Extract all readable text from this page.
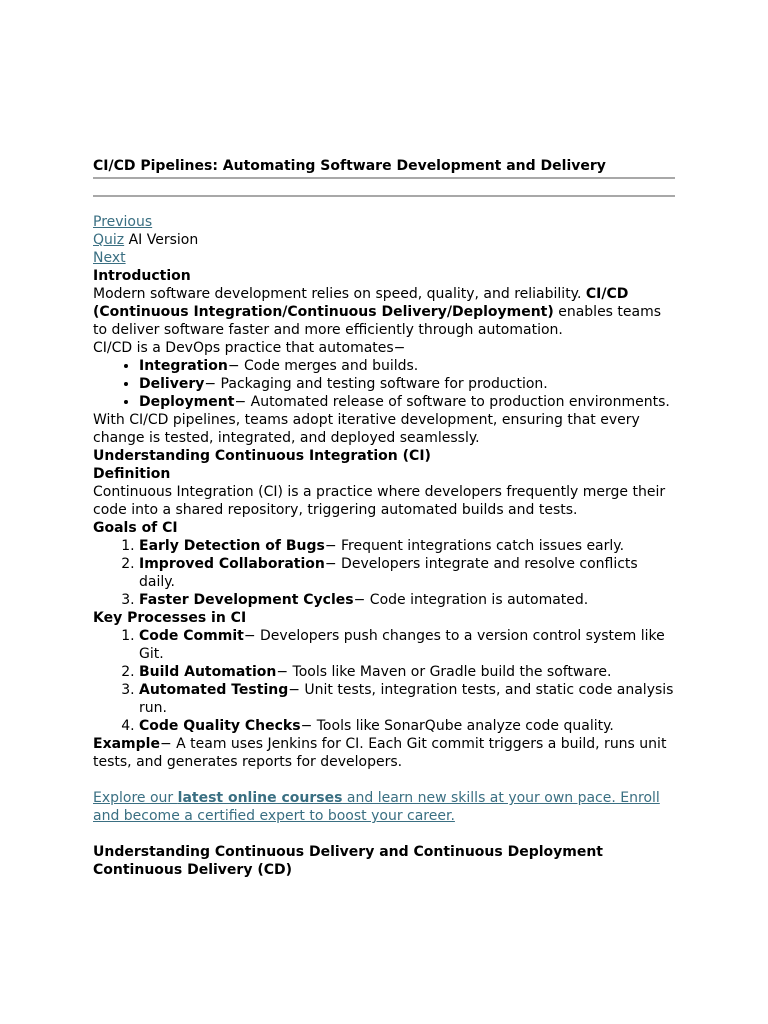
CI/CD Pipelines: Automating Software Development and Delivery
Previous
Quiz AI Version
Next
Introduction

Modern software development relies on speed, quality, and reliability. CI/CD (Continuous Integration/Continuous Delivery/Deployment) enables teams to deliver software faster and more efficiently through automation.

CI/CD is a DevOps practice that automates−

• Integration− Code merges and builds.
• Delivery− Packaging and testing software for production.
• Deployment− Automated release of software to production environments.

With CI/CD pipelines, teams adopt iterative development, ensuring that every change is tested, integrated, and deployed seamlessly.

Understanding Continuous Integration (CI)
Definition

Continuous Integration (CI) is a practice where developers frequently merge their code into a shared repository, triggering automated builds and tests.

Goals of CI
1. Early Detection of Bugs− Frequent integrations catch issues early.
2. Improved Collaboration− Developers integrate and resolve conflicts daily.
3. Faster Development Cycles− Code integration is automated.
Key Processes in CI
1. Code Commit− Developers push changes to a version control system like Git.
2. Build Automation− Tools like Maven or Gradle build the software.
3. Automated Testing− Unit tests, integration tests, and static code analysis run.
4. Code Quality Checks− Tools like SonarQube analyze code quality.

Example− A team uses Jenkins for CI. Each Git commit triggers a build, runs unit tests, and generates reports for developers.

Explore our latest online courses and learn new skills at your own pace. Enroll and become a certified expert to boost your career.

Understanding Continuous Delivery and Continuous Deployment
Continuous Delivery (CD)
